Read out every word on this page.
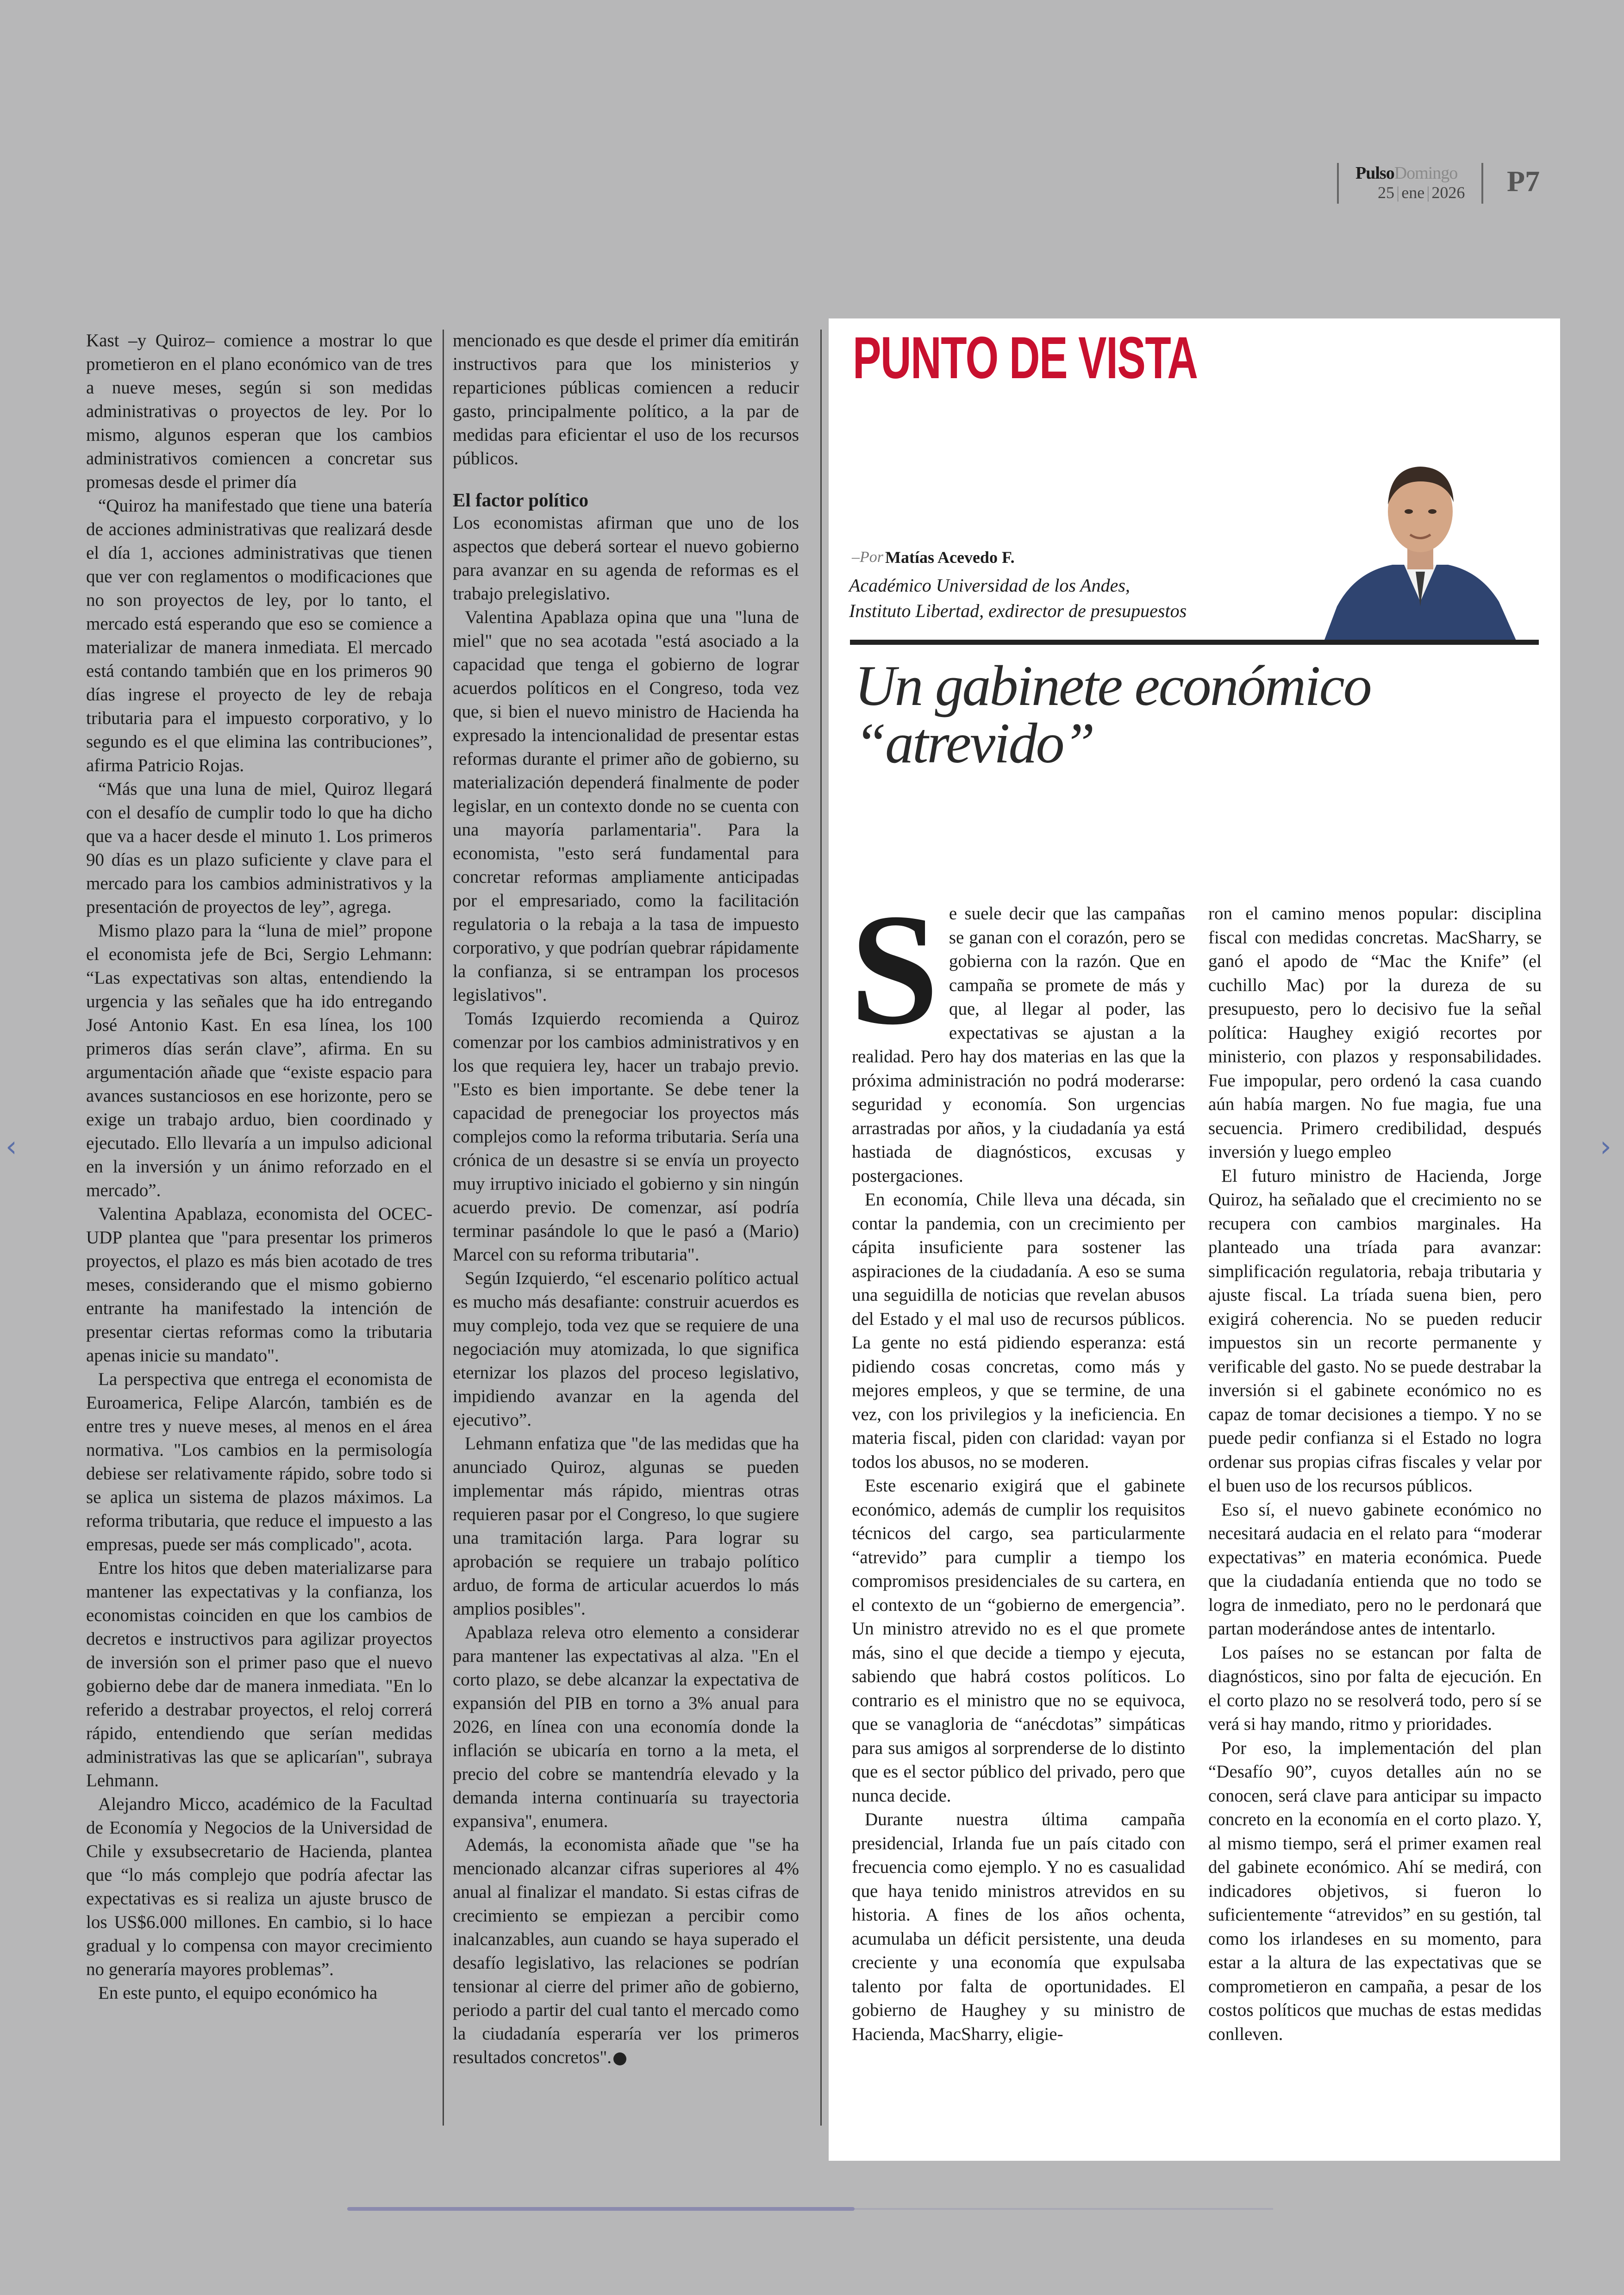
PulsoDomingo
25 | ene | 2026 P7

Kast –y Quiroz– comience a mostrar lo que prometieron en el plano económico van de tres a nueve meses, según si son medidas administrativas o proyectos de ley. Por lo mismo, algunos esperan que los cambios administrativos comiencen a concretar sus promesas desde el primer día

“Quiroz ha manifestado que tiene una batería de acciones administrativas que realizará desde el día 1, acciones administrativas que tienen que ver con reglamentos o modificaciones que no son proyectos de ley, por lo tanto, el mercado está esperando que eso se comience a materializar de manera inmediata. El mercado está contando también que en los primeros 90 días ingrese el proyecto de ley de rebaja tributaria para el impuesto corporativo, y lo segundo es el que elimina las contribuciones”, afirma Patricio Rojas.

“Más que una luna de miel, Quiroz llegará con el desafío de cumplir todo lo que ha dicho que va a hacer desde el minuto 1. Los primeros 90 días es un plazo suficiente y clave para el mercado para los cambios administrativos y la presentación de proyectos de ley”, agrega.

Mismo plazo para la “luna de miel” propone el economista jefe de Bci, Sergio Lehmann: “Las expectativas son altas, entendiendo la urgencia y las señales que ha ido entregando José Antonio Kast. En esa línea, los 100 primeros días serán clave”, afirma. En su argumentación añade que “existe espacio para avances sustanciosos en ese horizonte, pero se exige un trabajo arduo, bien coordinado y ejecutado. Ello llevaría a un impulso adicional en la inversión y un ánimo reforzado en el mercado”.

Valentina Apablaza, economista del OCEC-UDP plantea que "para presentar los primeros proyectos, el plazo es más bien acotado de tres meses, considerando que el mismo gobierno entrante ha manifestado la intención de presentar ciertas reformas como la tributaria apenas inicie su mandato".

La perspectiva que entrega el economista de Euroamerica, Felipe Alarcón, también es de entre tres y nueve meses, al menos en el área normativa. "Los cambios en la permisología debiese ser relativamente rápido, sobre todo si se aplica un sistema de plazos máximos. La reforma tributaria, que reduce el impuesto a las empresas, puede ser más complicado", acota.

Entre los hitos que deben materializarse para mantener las expectativas y la confianza, los economistas coinciden en que los cambios de decretos e instructivos para agilizar proyectos de inversión son el primer paso que el nuevo gobierno debe dar de manera inmediata. "En lo referido a destrabar proyectos, el reloj correrá rápido, entendiendo que serían medidas administrativas las que se aplicarían", subraya Lehmann.

Alejandro Micco, académico de la Facultad de Economía y Negocios de la Universidad de Chile y exsubsecretario de Hacienda, plantea que “lo más complejo que podría afectar las expectativas es si realiza un ajuste brusco de los US$6.000 millones. En cambio, si lo hace gradual y lo compensa con mayor crecimiento no generaría mayores problemas”.

En este punto, el equipo económico ha

mencionado es que desde el primer día emitirán instructivos para que los ministerios y reparticiones públicas comiencen a reducir gasto, principalmente político, a la par de medidas para eficientar el uso de los recursos públicos.

El factor político

Los economistas afirman que uno de los aspectos que deberá sortear el nuevo gobierno para avanzar en su agenda de reformas es el trabajo prelegislativo.

Valentina Apablaza opina que una "luna de miel" que no sea acotada "está asociado a la capacidad que tenga el gobierno de lograr acuerdos políticos en el Congreso, toda vez que, si bien el nuevo ministro de Hacienda ha expresado la intencionalidad de presentar estas reformas durante el primer año de gobierno, su materialización dependerá finalmente de poder legislar, en un contexto donde no se cuenta con una mayoría parlamentaria". Para la economista, "esto será fundamental para concretar reformas ampliamente anticipadas por el empresariado, como la facilitación regulatoria o la rebaja a la tasa de impuesto corporativo, y que podrían quebrar rápidamente la confianza, si se entrampan los procesos legislativos".

Tomás Izquierdo recomienda a Quiroz comenzar por los cambios administrativos y en los que requiera ley, hacer un trabajo previo. "Esto es bien importante. Se debe tener la capacidad de prenegociar los proyectos más complejos como la reforma tributaria. Sería una crónica de un desastre si se envía un proyecto muy irruptivo iniciado el gobierno y sin ningún acuerdo previo. De comenzar, así podría terminar pasándole lo que le pasó a (Mario) Marcel con su reforma tributaria".

Según Izquierdo, “el escenario político actual es mucho más desafiante: construir acuerdos es muy complejo, toda vez que se requiere de una negociación muy atomizada, lo que significa eternizar los plazos del proceso legislativo, impidiendo avanzar en la agenda del ejecutivo”.

Lehmann enfatiza que "de las medidas que ha anunciado Quiroz, algunas se pueden implementar más rápido, mientras otras requieren pasar por el Congreso, lo que sugiere una tramitación larga. Para lograr su aprobación se requiere un trabajo político arduo, de forma de articular acuerdos lo más amplios posibles".

Apablaza releva otro elemento a considerar para mantener las expectativas al alza. "En el corto plazo, se debe alcanzar la expectativa de expansión del PIB en torno a 3% anual para 2026, en línea con una economía donde la inflación se ubicaría en torno a la meta, el precio del cobre se mantendría elevado y la demanda interna continuaría su trayectoria expansiva", enumera.

Además, la economista añade que "se ha mencionado alcanzar cifras superiores al 4% anual al finalizar el mandato. Si estas cifras de crecimiento se empiezan a percibir como inalcanzables, aun cuando se haya superado el desafío legislativo, las relaciones se podrían tensionar al cierre del primer año de gobierno, periodo a partir del cual tanto el mercado como la ciudadanía esperaría ver los primeros resultados concretos".

PUNTO DE VISTA
–Por Matías Acevedo F.
Académico Universidad de los Andes,
Instituto Libertad, exdirector de presupuestos
Un gabinete económico
“atrevido”

Se suele decir que las campañas se ganan con el corazón, pero se gobierna con la razón. Que en campaña se promete de más y que, al llegar al poder, las expectativas se ajustan a la realidad. Pero hay dos materias en las que la próxima administración no podrá moderarse: seguridad y economía. Son urgencias arrastradas por años, y la ciudadanía ya está hastiada de diagnósticos, excusas y postergaciones.

En economía, Chile lleva una década, sin contar la pandemia, con un crecimiento per cápita insuficiente para sostener las aspiraciones de la ciudadanía. A eso se suma una seguidilla de noticias que revelan abusos del Estado y el mal uso de recursos públicos. La gente no está pidiendo esperanza: está pidiendo cosas concretas, como más y mejores empleos, y que se termine, de una vez, con los privilegios y la ineficiencia. En materia fiscal, piden con claridad: vayan por todos los abusos, no se moderen.

Este escenario exigirá que el gabinete económico, además de cumplir los requisitos técnicos del cargo, sea particularmente “atrevido” para cumplir a tiempo los compromisos presidenciales de su cartera, en el contexto de un “gobierno de emergencia”. Un ministro atrevido no es el que promete más, sino el que decide a tiempo y ejecuta, sabiendo que habrá costos políticos. Lo contrario es el ministro que no se equivoca, que se vanagloria de “anécdotas” simpáticas para sus amigos al sorprenderse de lo distinto que es el sector público del privado, pero que nunca decide.

Durante nuestra última campaña presidencial, Irlanda fue un país citado con frecuencia como ejemplo. Y no es casualidad que haya tenido ministros atrevidos en su historia. A fines de los años ochenta, acumulaba un déficit persistente, una deuda creciente y una economía que expulsaba talento por falta de oportunidades. El gobierno de Haughey y su ministro de Hacienda, MacSharry, eligie-

ron el camino menos popular: disciplina fiscal con medidas concretas. MacSharry, se ganó el apodo de “Mac the Knife” (el cuchillo Mac) por la dureza de su presupuesto, pero lo decisivo fue la señal política: Haughey exigió recortes por ministerio, con plazos y responsabilidades. Fue impopular, pero ordenó la casa cuando aún había margen. No fue magia, fue una secuencia. Primero credibilidad, después inversión y luego empleo

El futuro ministro de Hacienda, Jorge Quiroz, ha señalado que el crecimiento no se recupera con cambios marginales. Ha planteado una tríada para avanzar: simplificación regulatoria, rebaja tributaria y ajuste fiscal. La tríada suena bien, pero exigirá coherencia. No se pueden reducir impuestos sin un recorte permanente y verificable del gasto. No se puede destrabar la inversión si el gabinete económico no es capaz de tomar decisiones a tiempo. Y no se puede pedir confianza si el Estado no logra ordenar sus propias cifras fiscales y velar por el buen uso de los recursos públicos.

Eso sí, el nuevo gabinete económico no necesitará audacia en el relato para “moderar expectativas” en materia económica. Puede que la ciudadanía entienda que no todo se logra de inmediato, pero no le perdonará que partan moderándose antes de intentarlo.

Los países no se estancan por falta de diagnósticos, sino por falta de ejecución. En el corto plazo no se resolverá todo, pero sí se verá si hay mando, ritmo y prioridades.

Por eso, la implementación del plan “Desafío 90”, cuyos detalles aún no se conocen, será clave para anticipar su impacto concreto en la economía en el corto plazo. Y, al mismo tiempo, será el primer examen real del gabinete económico. Ahí se medirá, con indicadores objetivos, si fueron lo suficientemente “atrevidos” en su gestión, tal como los irlandeses en su momento, para estar a la altura de las expectativas que se comprometieron en campaña, a pesar de los costos políticos que muchas de estas medidas conlleven.

‹	›
